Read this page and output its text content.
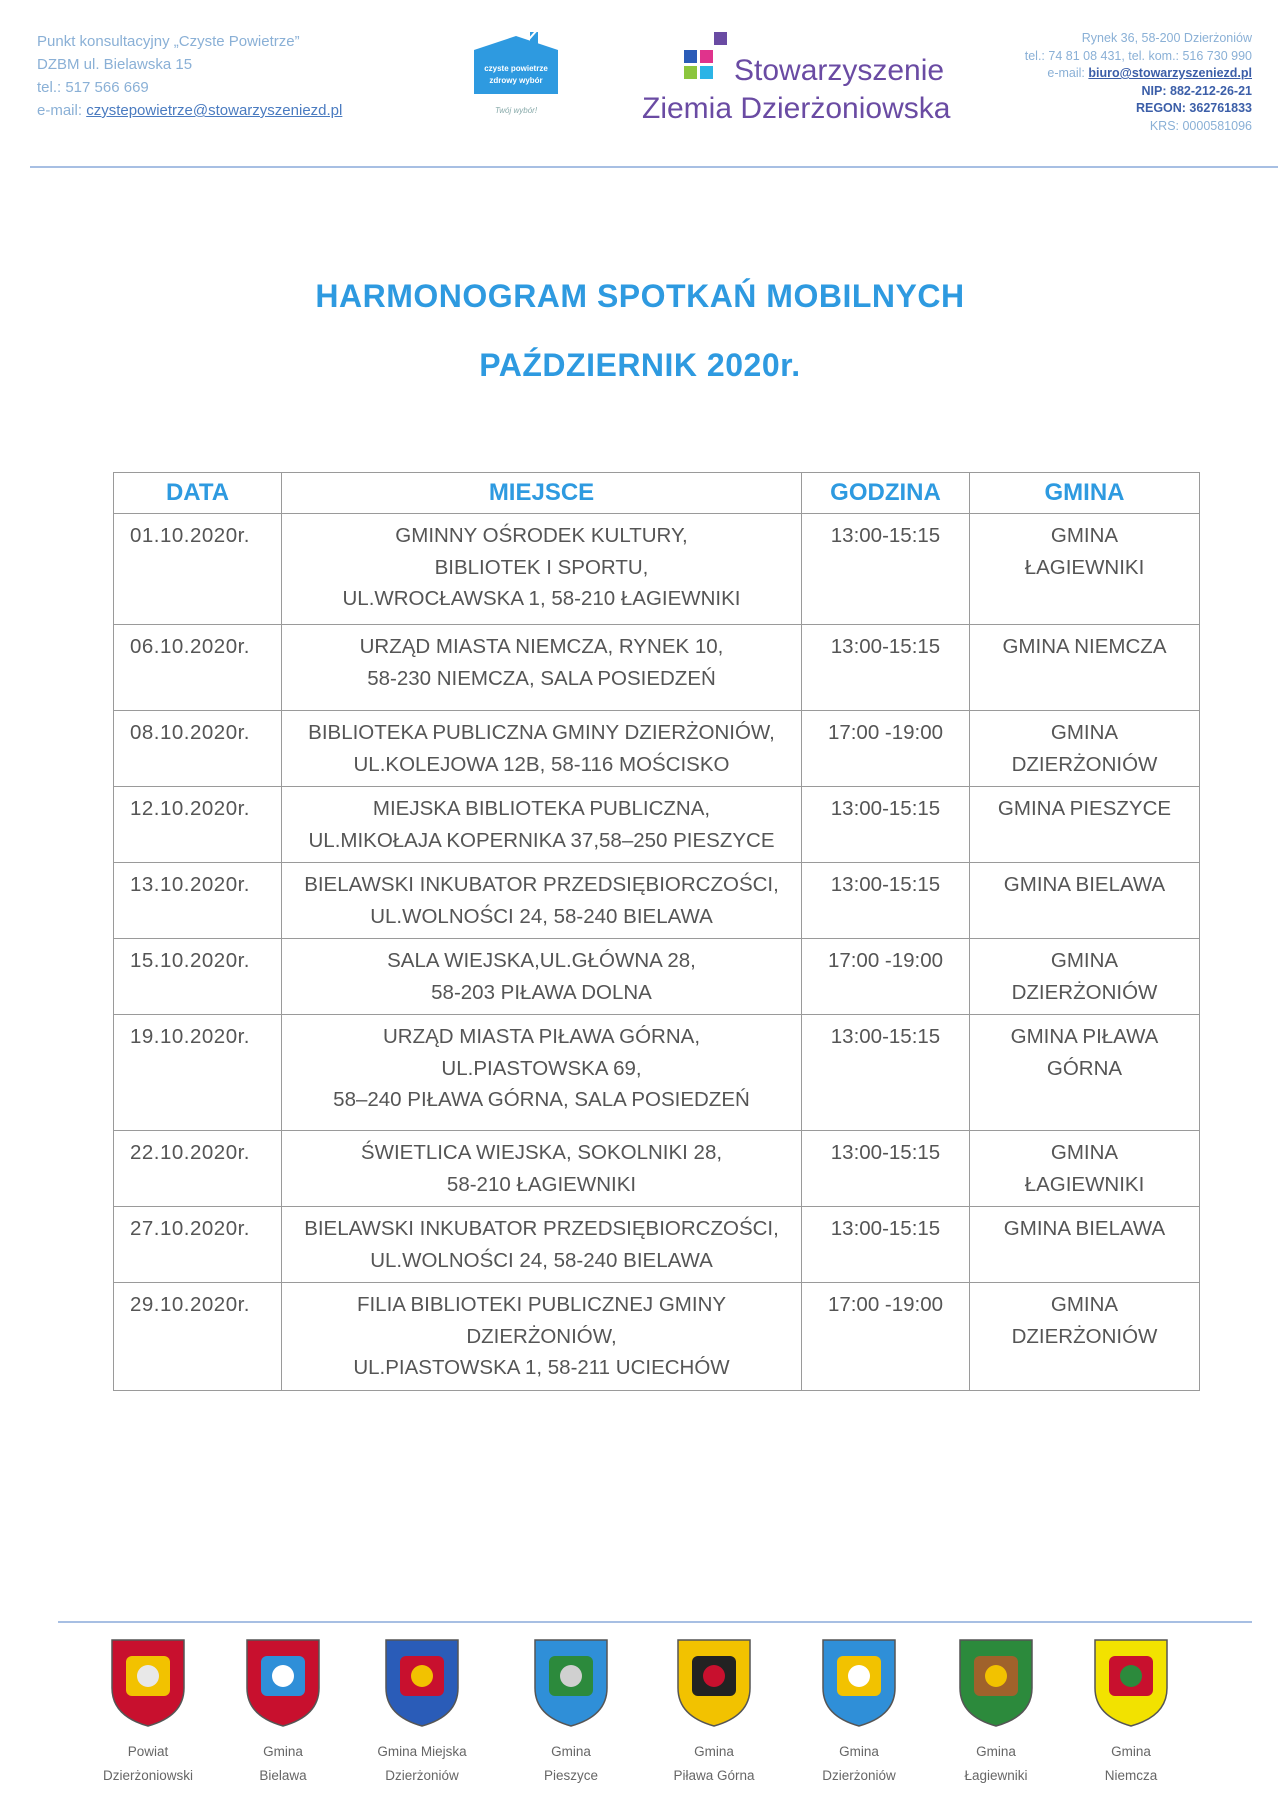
Punkt konsultacyjny „Czyste Powietrze”
DZBM ul. Bielawska 15
tel.: 517 566 669
e-mail: czystepowietrze@stowarzyszeniezd.pl
czyste powietrze
zdrowy wybór
Twój wybór!
Stowarzyszenie
Ziemia Dzierżoniowska
Rynek 36, 58-200 Dzierżoniów
tel.: 74 81 08 431, tel. kom.: 516 730 990
e-mail: biuro@stowarzyszeniezd.pl
NIP: 882-212-26-21
REGON: 362761833
KRS: 0000581096
HARMONOGRAM SPOTKAŃ MOBILNYCH
PAŹDZIERNIK 2020r.
DATA	MIEJSCE	GODZINA	GMINA
01.10.2020r.	GMINNY OŚRODEK KULTURY,
BIBLIOTEK I SPORTU,
UL.WROCŁAWSKA 1, 58-210 ŁAGIEWNIKI	13:00-15:15	GMINA
ŁAGIEWNIKI

06.10.2020r.	URZĄD MIASTA NIEMCZA, RYNEK 10,
58-230 NIEMCZA, SALA POSIEDZEŃ	13:00-15:15	GMINA NIEMCZA

08.10.2020r.	BIBLIOTEKA PUBLICZNA GMINY DZIERŻONIÓW,
UL.KOLEJOWA 12B, 58-116 MOŚCISKO	17:00 -19:00	GMINA
DZIERŻONIÓW

12.10.2020r.	MIEJSKA BIBLIOTEKA PUBLICZNA,
UL.MIKOŁAJA KOPERNIKA 37,58–250 PIESZYCE	13:00-15:15	GMINA PIESZYCE

13.10.2020r.	BIELAWSKI INKUBATOR PRZEDSIĘBIORCZOŚCI,
UL.WOLNOŚCI 24, 58-240 BIELAWA	13:00-15:15	GMINA BIELAWA

15.10.2020r.	SALA WIEJSKA,UL.GŁÓWNA 28,
58-203 PIŁAWA DOLNA	17:00 -19:00	GMINA
DZIERŻONIÓW

19.10.2020r.	URZĄD MIASTA PIŁAWA GÓRNA,
UL.PIASTOWSKA 69,
58–240 PIŁAWA GÓRNA, SALA POSIEDZEŃ	13:00-15:15	GMINA PIŁAWA
GÓRNA

22.10.2020r.	ŚWIETLICA WIEJSKA, SOKOLNIKI 28,
58-210 ŁAGIEWNIKI	13:00-15:15	GMINA
ŁAGIEWNIKI

27.10.2020r.	BIELAWSKI INKUBATOR PRZEDSIĘBIORCZOŚCI,
UL.WOLNOŚCI 24, 58-240 BIELAWA	13:00-15:15	GMINA BIELAWA

29.10.2020r.	FILIA BIBLIOTEKI PUBLICZNEJ GMINY
DZIERŻONIÓW,
UL.PIASTOWSKA 1, 58-211 UCIECHÓW	17:00 -19:00	GMINA
DZIERŻONIÓW
Powiat
Dzierżoniowski
Gmina
Bielawa
Gmina Miejska
Dzierżoniów
Gmina
Pieszyce
Gmina
Piława Górna
Gmina
Dzierżoniów
Gmina
Łagiewniki
Gmina
Niemcza
